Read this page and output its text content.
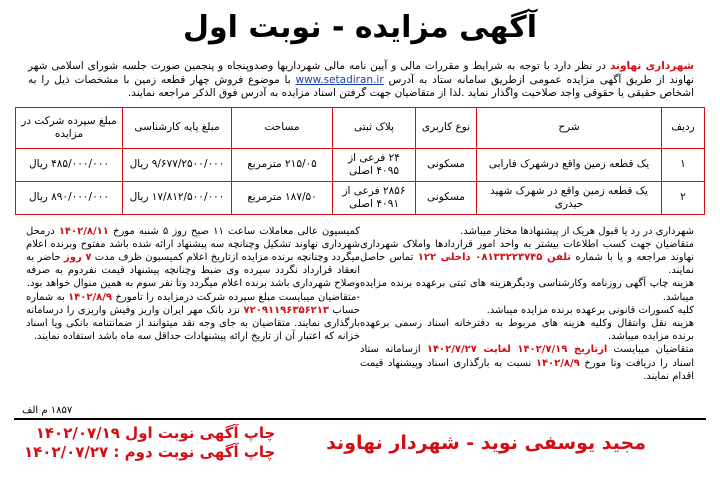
آگهی مزایده - نوبت اول
شهرداری نهاوند در نظر دارد با توجه به شرایط و مقررات مالی و آیین نامه مالی شهرداریها وصدوپنجاه و پنجمین صورت جلسه شورای اسلامی شهر نهاوند از طریق آگهی مزایده عمومی ازطریق سامانه ستاد به آدرس www.setadiran.ir با موضوع فروش چهار قطعه زمین با مشخصات ذیل را به اشخاص حقیقی یا حقوقی واجد صلاحیت واگذار نماید .لذا از متقاضیان جهت گرفتن اسناد مزایده به آدرس فوق الذکر مراجعه نمایند.
ردیف	شرح	نوع کاربری	پلاک ثبتی	مساحت	مبلغ پایه کارشناسی	مبلغ سپرده شرکت در مزایده
۱	یک قطعه زمین واقع درشهرک فارابی	مسکونی	۲۴ فرعی از ۴۰۹۵ اصلی	۲۱۵/۰۵ مترمربع	۹/۶۷۷/۲۵۰۰/۰۰۰ ریال	۴۸۵/۰۰۰/۰۰۰ ریال
۲	یک قطعه زمین واقع در شهرک شهید حیدری	مسکونی	۲۸۵۶ فرعی از ۴۰۹۱ اصلی	۱۸۷/۵۰ مترمربع	۱۷/۸۱۲/۵۰۰/۰۰۰ ریال	۸۹۰/۰۰۰/۰۰۰ ریال

شهرداری در رد یا قبول هریک از پیشنهادها مختار میباشد.

متقاضیان جهت کسب اطلاعات بیشتر به واحد امور قراردادها واملاک شهرداری نهاوند مراجعه و یا با شماره تلفن ۰۸۱۳۳۲۲۳۷۴۵ داخلی ۱۲۲ تماس حاصل نمایند.

هزینه چاپ آگهی روزنامه وکارشناسی ودیگرهزینه های ثبتی برعهده برنده مزایده میباشد.

کلیه کسورات قانونی برعهده برنده مزایده میباشد.

هزینه نقل وانتقال وکلیه هزینه های مربوط به دفترخانه اسناد رسمی برعهده برنده مزایده میباشد.

متقاضیان میبایست ازتاریخ ۱۴۰۲/۷/۱۹ لغایت ۱۴۰۲/۷/۲۷ ازسامانه ستاد اسناد را دریافت وتا مورخ ۱۴۰۲/۸/۹ نسبت به بارگذاری اسناد وپیشنهاد قیمت اقدام نمایند.

کمیسیون عالی معاملات ساعت ۱۱ صبح روز ۵ شنبه مورخ ۱۴۰۲/۸/۱۱ درمحل شهرداری نهاوند تشکیل وچنانچه سه پیشنهاد ارائه شده باشد مفتوح وبرنده اعلام میگردد وچنانچه برنده مزایده ازتاریخ اعلام کمیسیون ظرف مدت ۷ روز حاضر به انعقاد قرارداد نگردد سپرده وی ضبط وچنانچه پیشنهاد قیمت نفردوم به صرفه وصلاح شهرداری باشد برنده اعلام میگردد وتا نفر سوم به همین منوال خواهد بود.

-متقاضیان میبایست مبلغ سپرده شرکت درمزایده را تامورخ ۱۴۰۲/۸/۹ به شماره حساب ۷۲۰۹۱۱۹۶۳۵۶۲۱۳ نزد بانک مهر ایران واریز وفیش واریزی را درسامانه بارگذاری نمایند. متقاضیان به جای وجه نقد میتوانند از ضمانتنامه بانکی ویا اسناد خزانه که اعتبار آن از تاریخ ارائه پیشنهادات حداقل سه ماه باشد استفاده نمایند.

۱۸۵۷ م الف
مجید یوسفی نوید - شهردار نهاوند
چاپ آگهی نوبت اول ۱۴۰۲/۰۷/۱۹
چاپ آگهی نوبت دوم : ۱۴۰۲/۰۷/۲۷
